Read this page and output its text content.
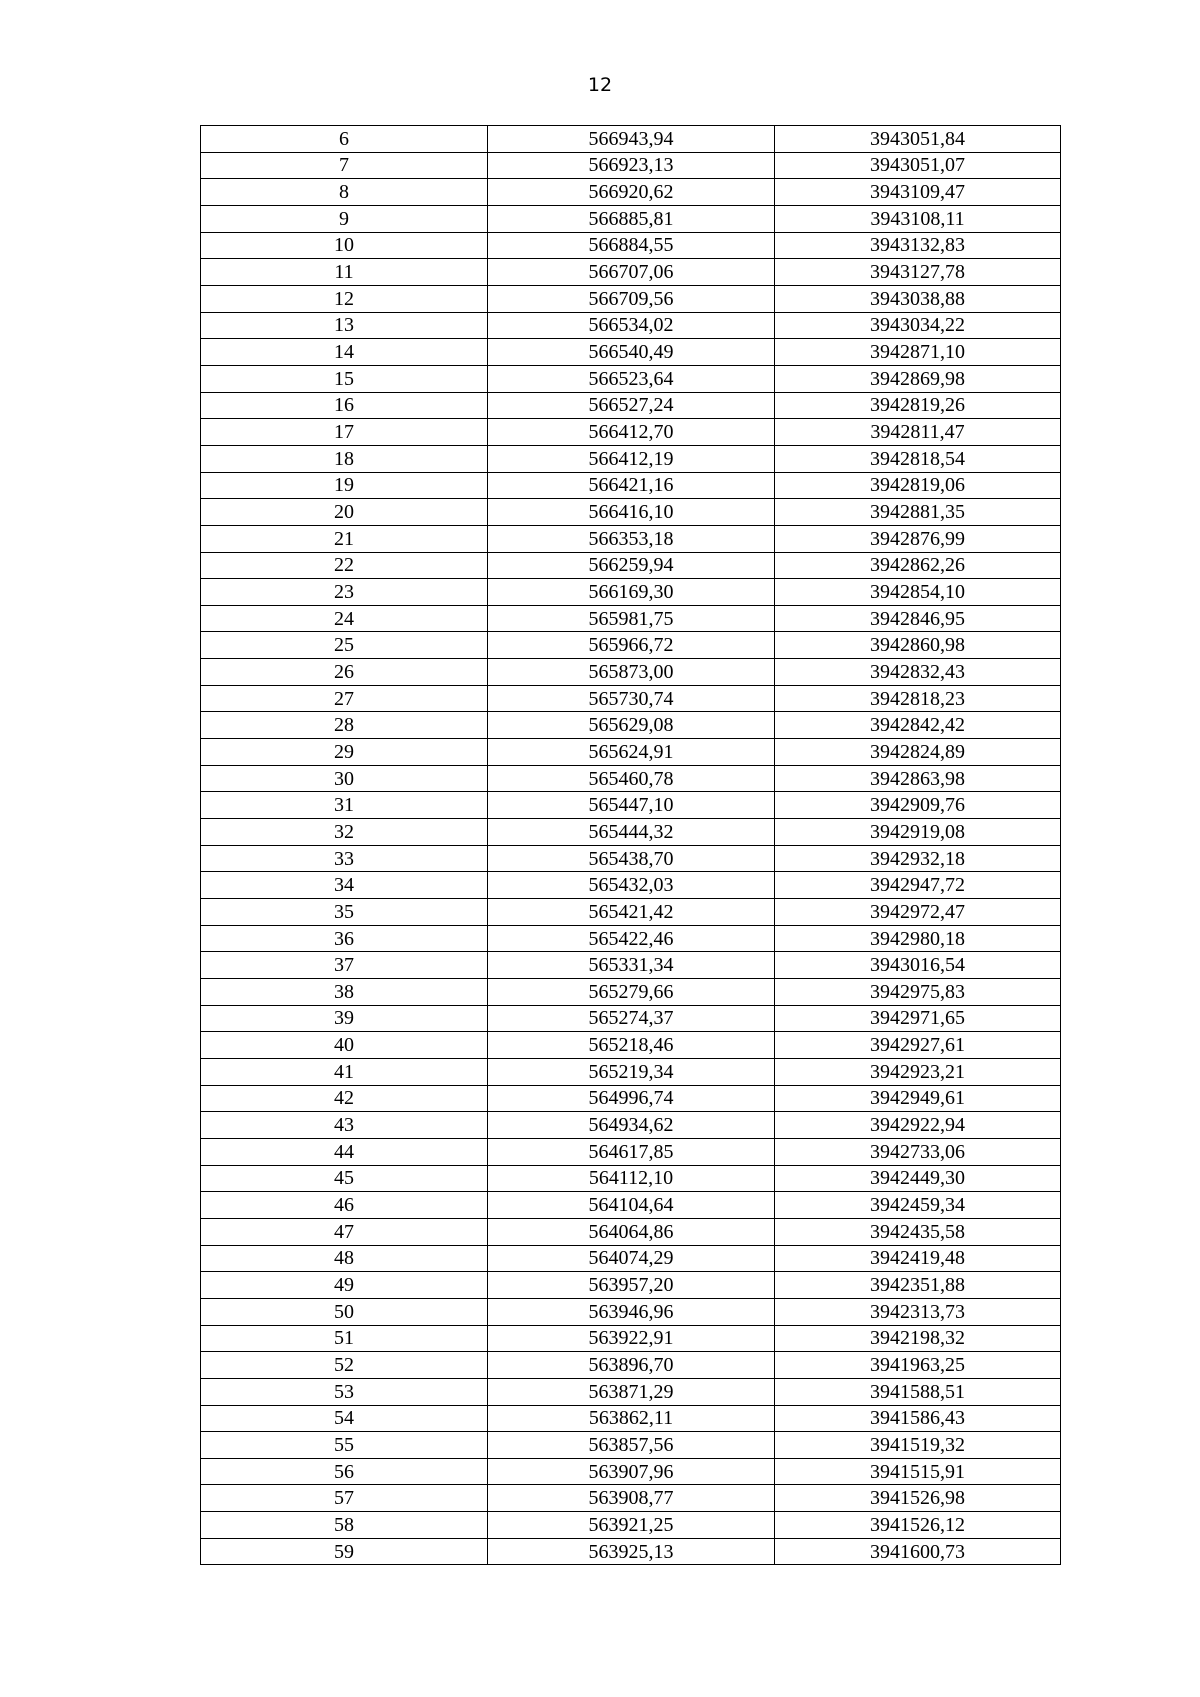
12
6	566943,94	3943051,84
7	566923,13	3943051,07
8	566920,62	3943109,47
9	566885,81	3943108,11
10	566884,55	3943132,83
11	566707,06	3943127,78
12	566709,56	3943038,88
13	566534,02	3943034,22
14	566540,49	3942871,10
15	566523,64	3942869,98
16	566527,24	3942819,26
17	566412,70	3942811,47
18	566412,19	3942818,54
19	566421,16	3942819,06
20	566416,10	3942881,35
21	566353,18	3942876,99
22	566259,94	3942862,26
23	566169,30	3942854,10
24	565981,75	3942846,95
25	565966,72	3942860,98
26	565873,00	3942832,43
27	565730,74	3942818,23
28	565629,08	3942842,42
29	565624,91	3942824,89
30	565460,78	3942863,98
31	565447,10	3942909,76
32	565444,32	3942919,08
33	565438,70	3942932,18
34	565432,03	3942947,72
35	565421,42	3942972,47
36	565422,46	3942980,18
37	565331,34	3943016,54
38	565279,66	3942975,83
39	565274,37	3942971,65
40	565218,46	3942927,61
41	565219,34	3942923,21
42	564996,74	3942949,61
43	564934,62	3942922,94
44	564617,85	3942733,06
45	564112,10	3942449,30
46	564104,64	3942459,34
47	564064,86	3942435,58
48	564074,29	3942419,48
49	563957,20	3942351,88
50	563946,96	3942313,73
51	563922,91	3942198,32
52	563896,70	3941963,25
53	563871,29	3941588,51
54	563862,11	3941586,43
55	563857,56	3941519,32
56	563907,96	3941515,91
57	563908,77	3941526,98
58	563921,25	3941526,12
59	563925,13	3941600,73
